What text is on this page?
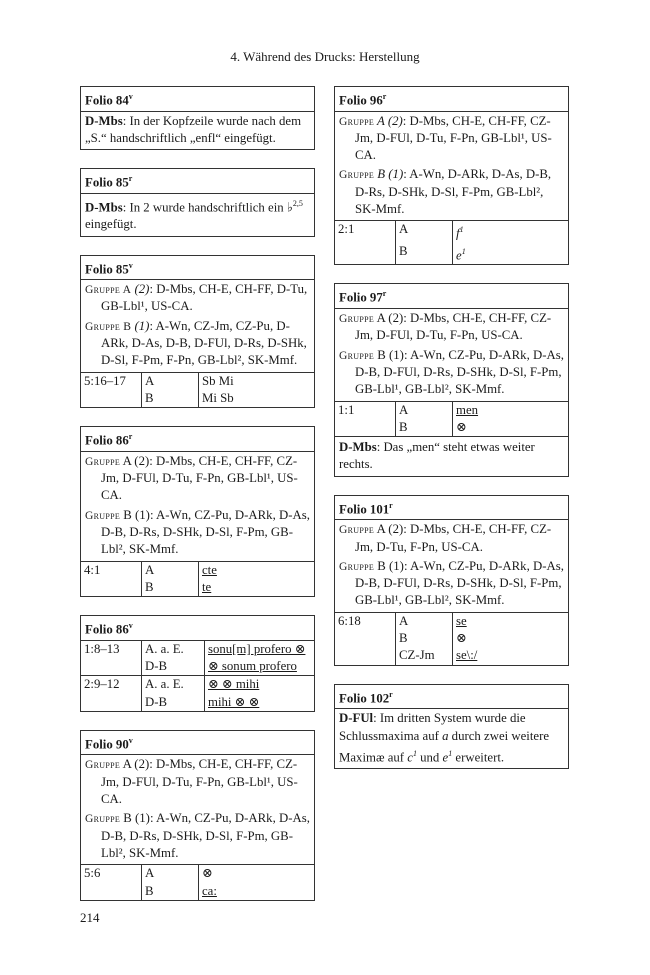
4. Während des Drucks: Herstellung
Folio 84$^v$
D-Mbs: In der Kopfzeile wurde nach dem „S.“ handschriftlich „enfl“ eingefügt.
Folio 85$^r$
D-Mbs: In 2 wurde handschriftlich ein ♭$^{2,5}$ eingefügt.
Folio 85$^v$
Gruppe A (2): D-Mbs, CH-E, CH-FF, D-Tu, GB-Lbl¹, US-CA.
Gruppe B (1): A-Wn, CZ-Jm, CZ-Pu, D-ARk, D-As, D-B, D-FUl, D-Rs, D-SHk, D-Sl, F-Pm, F-Pn, GB-Lbl², SK-Mmf.
5:16–17	A	Sb Mi
	B	Mi Sb
Folio 86$^r$
Gruppe A (2): D-Mbs, CH-E, CH-FF, CZ-Jm, D-FUl, D-Tu, F-Pn, GB-Lbl¹, US-CA.
Gruppe B (1): A-Wn, CZ-Pu, D-ARk, D-As, D-B, D-Rs, D-SHk, D-Sl, F-Pm, GB-Lbl², SK-Mmf.
4:1	A	cte
	B	te
Folio 86$^v$
1:8–13	A. a. E.	sonu[m] profero ⊗
	D-B	⊗ sonum profero
2:9–12	A. a. E.	⊗ ⊗ mihi
	D-B	mihi ⊗ ⊗
Folio 90$^v$
Gruppe A (2): D-Mbs, CH-E, CH-FF, CZ-Jm, D-FUl, D-Tu, F-Pn, GB-Lbl¹, US-CA.
Gruppe B (1): A-Wn, CZ-Pu, D-ARk, D-As, D-B, D-Rs, D-SHk, D-Sl, F-Pm, GB-Lbl², SK-Mmf.
5:6	A	⊗
	B	ca:
Folio 96$^r$
Gruppe A (2): D-Mbs, CH-E, CH-FF, CZ-Jm, D-FUl, D-Tu, F-Pn, GB-Lbl¹, US-CA.
Gruppe B (1): A-Wn, D-ARk, D-As, D-B, D-Rs, D-SHk, D-Sl, F-Pm, GB-Lbl², SK-Mmf.
2:1	A	$f^1$
	B	$e^1$
Folio 97$^r$
Gruppe A (2): D-Mbs, CH-E, CH-FF, CZ-Jm, D-FUl, D-Tu, F-Pn, US-CA.
Gruppe B (1): A-Wn, CZ-Pu, D-ARk, D-As, D-B, D-FUl, D-Rs, D-SHk, D-Sl, F-Pm, GB-Lbl¹, GB-Lbl², SK-Mmf.
1:1	A	men
	B	⊗
D-Mbs: Das „men“ steht etwas weiter rechts.
Folio 101$^r$
Gruppe A (2): D-Mbs, CH-E, CH-FF, CZ-Jm, D-Tu, F-Pn, US-CA.
Gruppe B (1): A-Wn, CZ-Pu, D-ARk, D-As, D-B, D-FUl, D-Rs, D-SHk, D-Sl, F-Pm, GB-Lbl¹, GB-Lbl², SK-Mmf.
6:18	A	se
	B	⊗
	CZ-Jm	se\:/
Folio 102$^r$
D-FUl: Im dritten System wurde die Schlussmaxima auf a durch zwei weitere Maximæ auf $c^1$ und $e^1$ erweitert.
214
